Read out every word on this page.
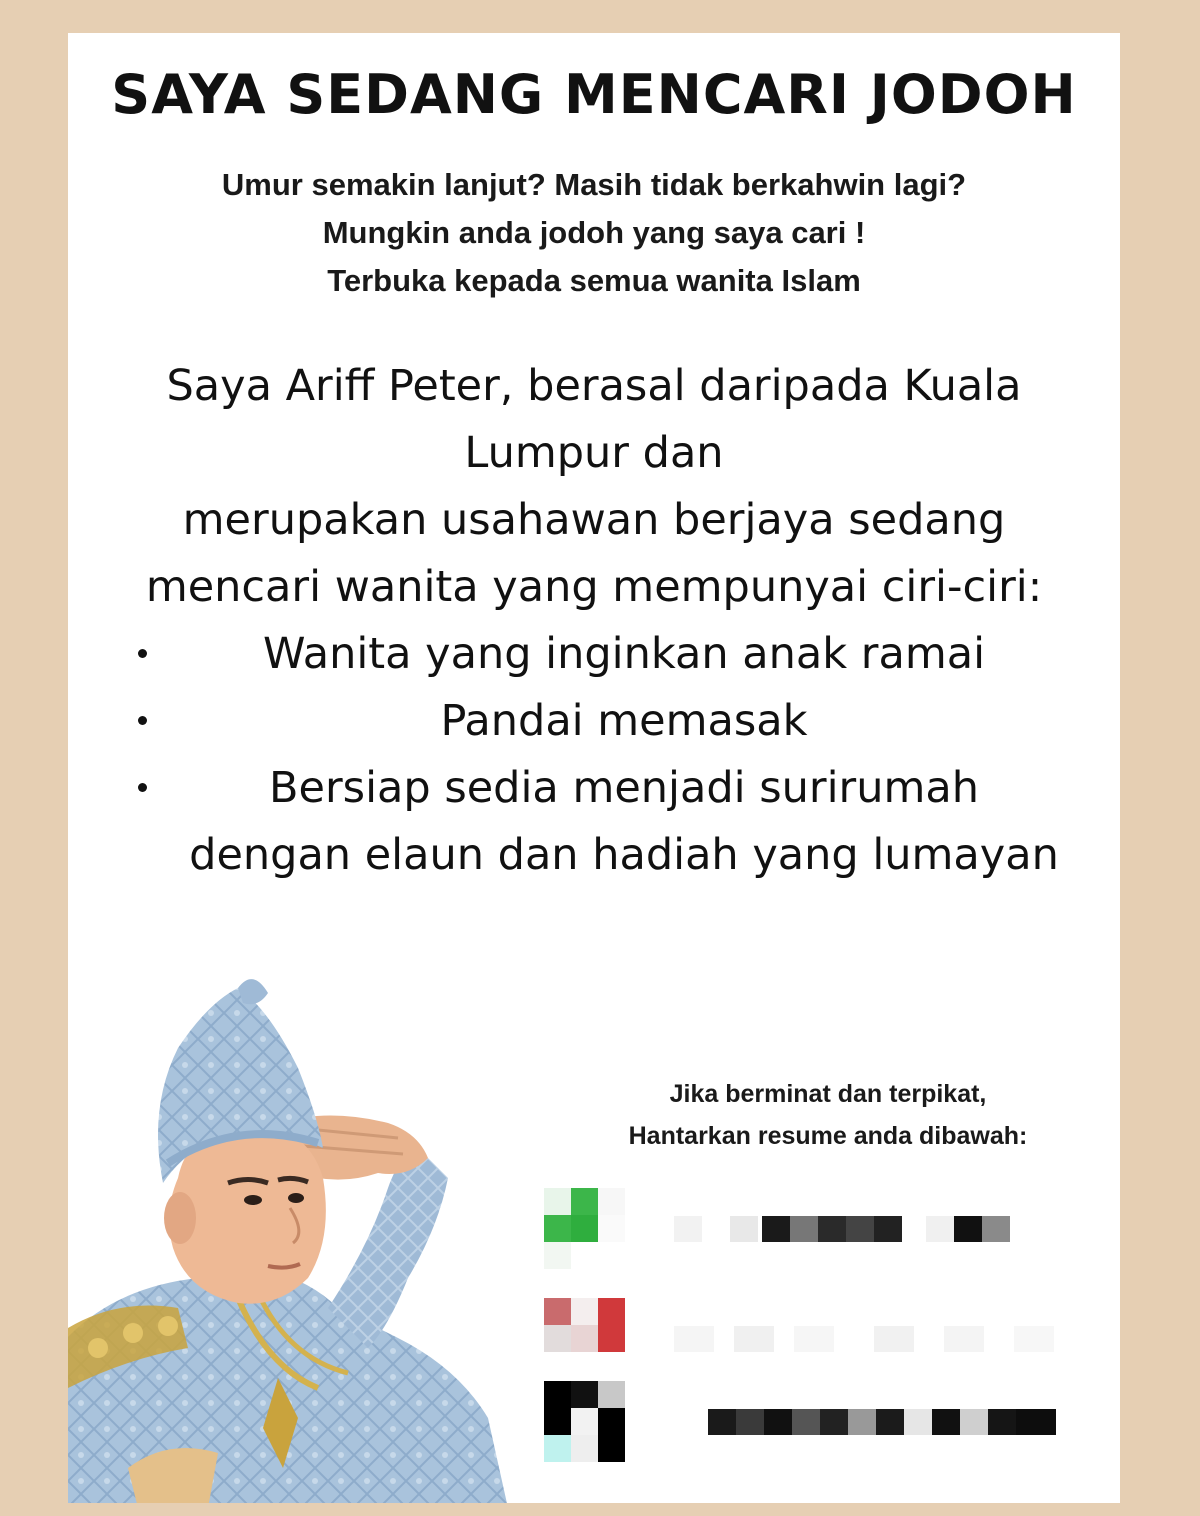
SAYA SEDANG MENCARI JODOH
Umur semakin lanjut? Masih tidak berkahwin lagi?
Mungkin anda jodoh yang saya cari !
Terbuka kepada semua wanita Islam
Saya Ariff Peter, berasal daripada Kuala
Lumpur dan
merupakan usahawan berjaya sedang
mencari wanita yang mempunyai ciri-ciri:
Wanita yang inginkan anak ramai
Pandai memasak
Bersiap sedia menjadi surirumah
dengan elaun dan hadiah yang lumayan
Jika berminat dan terpikat,
Hantarkan resume anda dibawah:
